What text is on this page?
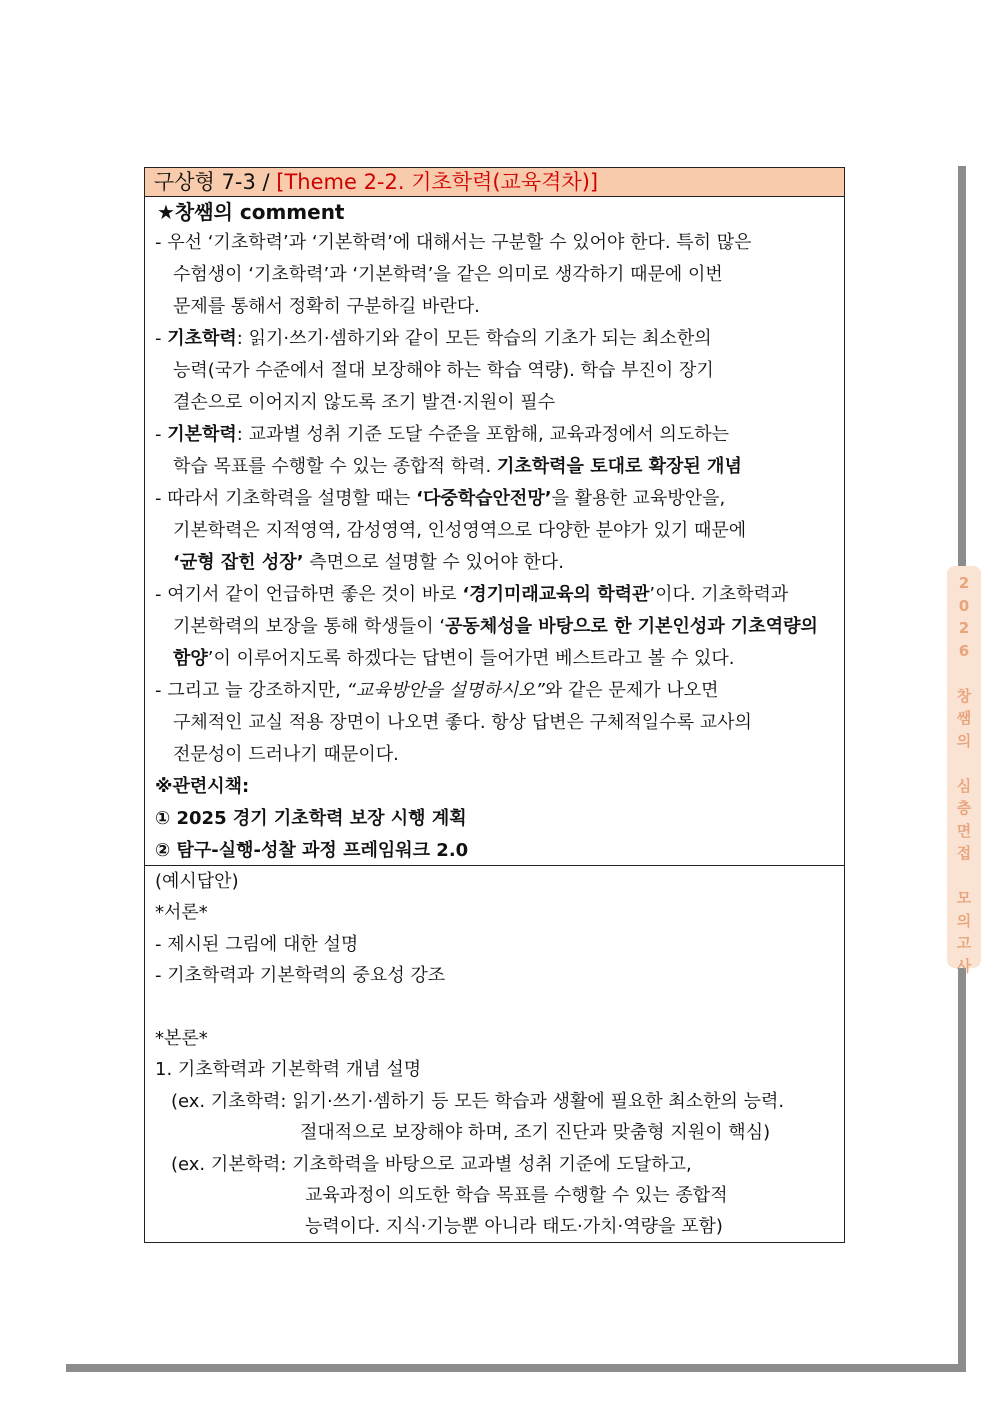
2
0
2
6

창
쌤
의

심
층
면
접

모
의
고
사
구상형 7-3 / [Theme 2-2. 기초학력(교육격차)]
★창쌤의 comment
- 우선 ‘기초학력’과 ‘기본학력’에 대해서는 구분할 수 있어야 한다. 특히 많은
수험생이 ‘기초학력’과 ‘기본학력’을 같은 의미로 생각하기 때문에 이번
문제를 통해서 정확히 구분하길 바란다.
- 기초학력: 읽기·쓰기·셈하기와 같이 모든 학습의 기초가 되는 최소한의
능력(국가 수준에서 절대 보장해야 하는 학습 역량). 학습 부진이 장기
결손으로 이어지지 않도록 조기 발견·지원이 필수
- 기본학력: 교과별 성취 기준 도달 수준을 포함해, 교육과정에서 의도하는
학습 목표를 수행할 수 있는 종합적 학력. 기초학력을 토대로 확장된 개념
- 따라서 기초학력을 설명할 때는 ‘다중학습안전망’을 활용한 교육방안을,
기본학력은 지적영역, 감성영역, 인성영역으로 다양한 분야가 있기 때문에
‘균형 잡힌 성장’ 측면으로 설명할 수 있어야 한다.
- 여기서 같이 언급하면 좋은 것이 바로 ‘경기미래교육의 학력관’이다. 기초학력과
기본학력의 보장을 통해 학생들이 ‘공동체성을 바탕으로 한 기본인성과 기초역량의
함양’이 이루어지도록 하겠다는 답변이 들어가면 베스트라고 볼 수 있다.
- 그리고 늘 강조하지만, “교육방안을 설명하시오”와 같은 문제가 나오면
구체적인 교실 적용 장면이 나오면 좋다. 항상 답변은 구체적일수록 교사의
전문성이 드러나기 때문이다.
※관련시책:
① 2025 경기 기초학력 보장 시행 계획
② 탐구-실행-성찰 과정 프레임워크 2.0
(예시답안)
*서론*
- 제시된 그림에 대한 설명
- 기초학력과 기본학력의 중요성 강조
*본론*
1. 기초학력과 기본학력 개념 설명
(ex. 기초학력: 읽기·쓰기·셈하기 등 모든 학습과 생활에 필요한 최소한의 능력.
절대적으로 보장해야 하며, 조기 진단과 맞춤형 지원이 핵심)
(ex. 기본학력: 기초학력을 바탕으로 교과별 성취 기준에 도달하고,
교육과정이 의도한 학습 목표를 수행할 수 있는 종합적
능력이다. 지식·기능뿐 아니라 태도·가치·역량을 포함)
